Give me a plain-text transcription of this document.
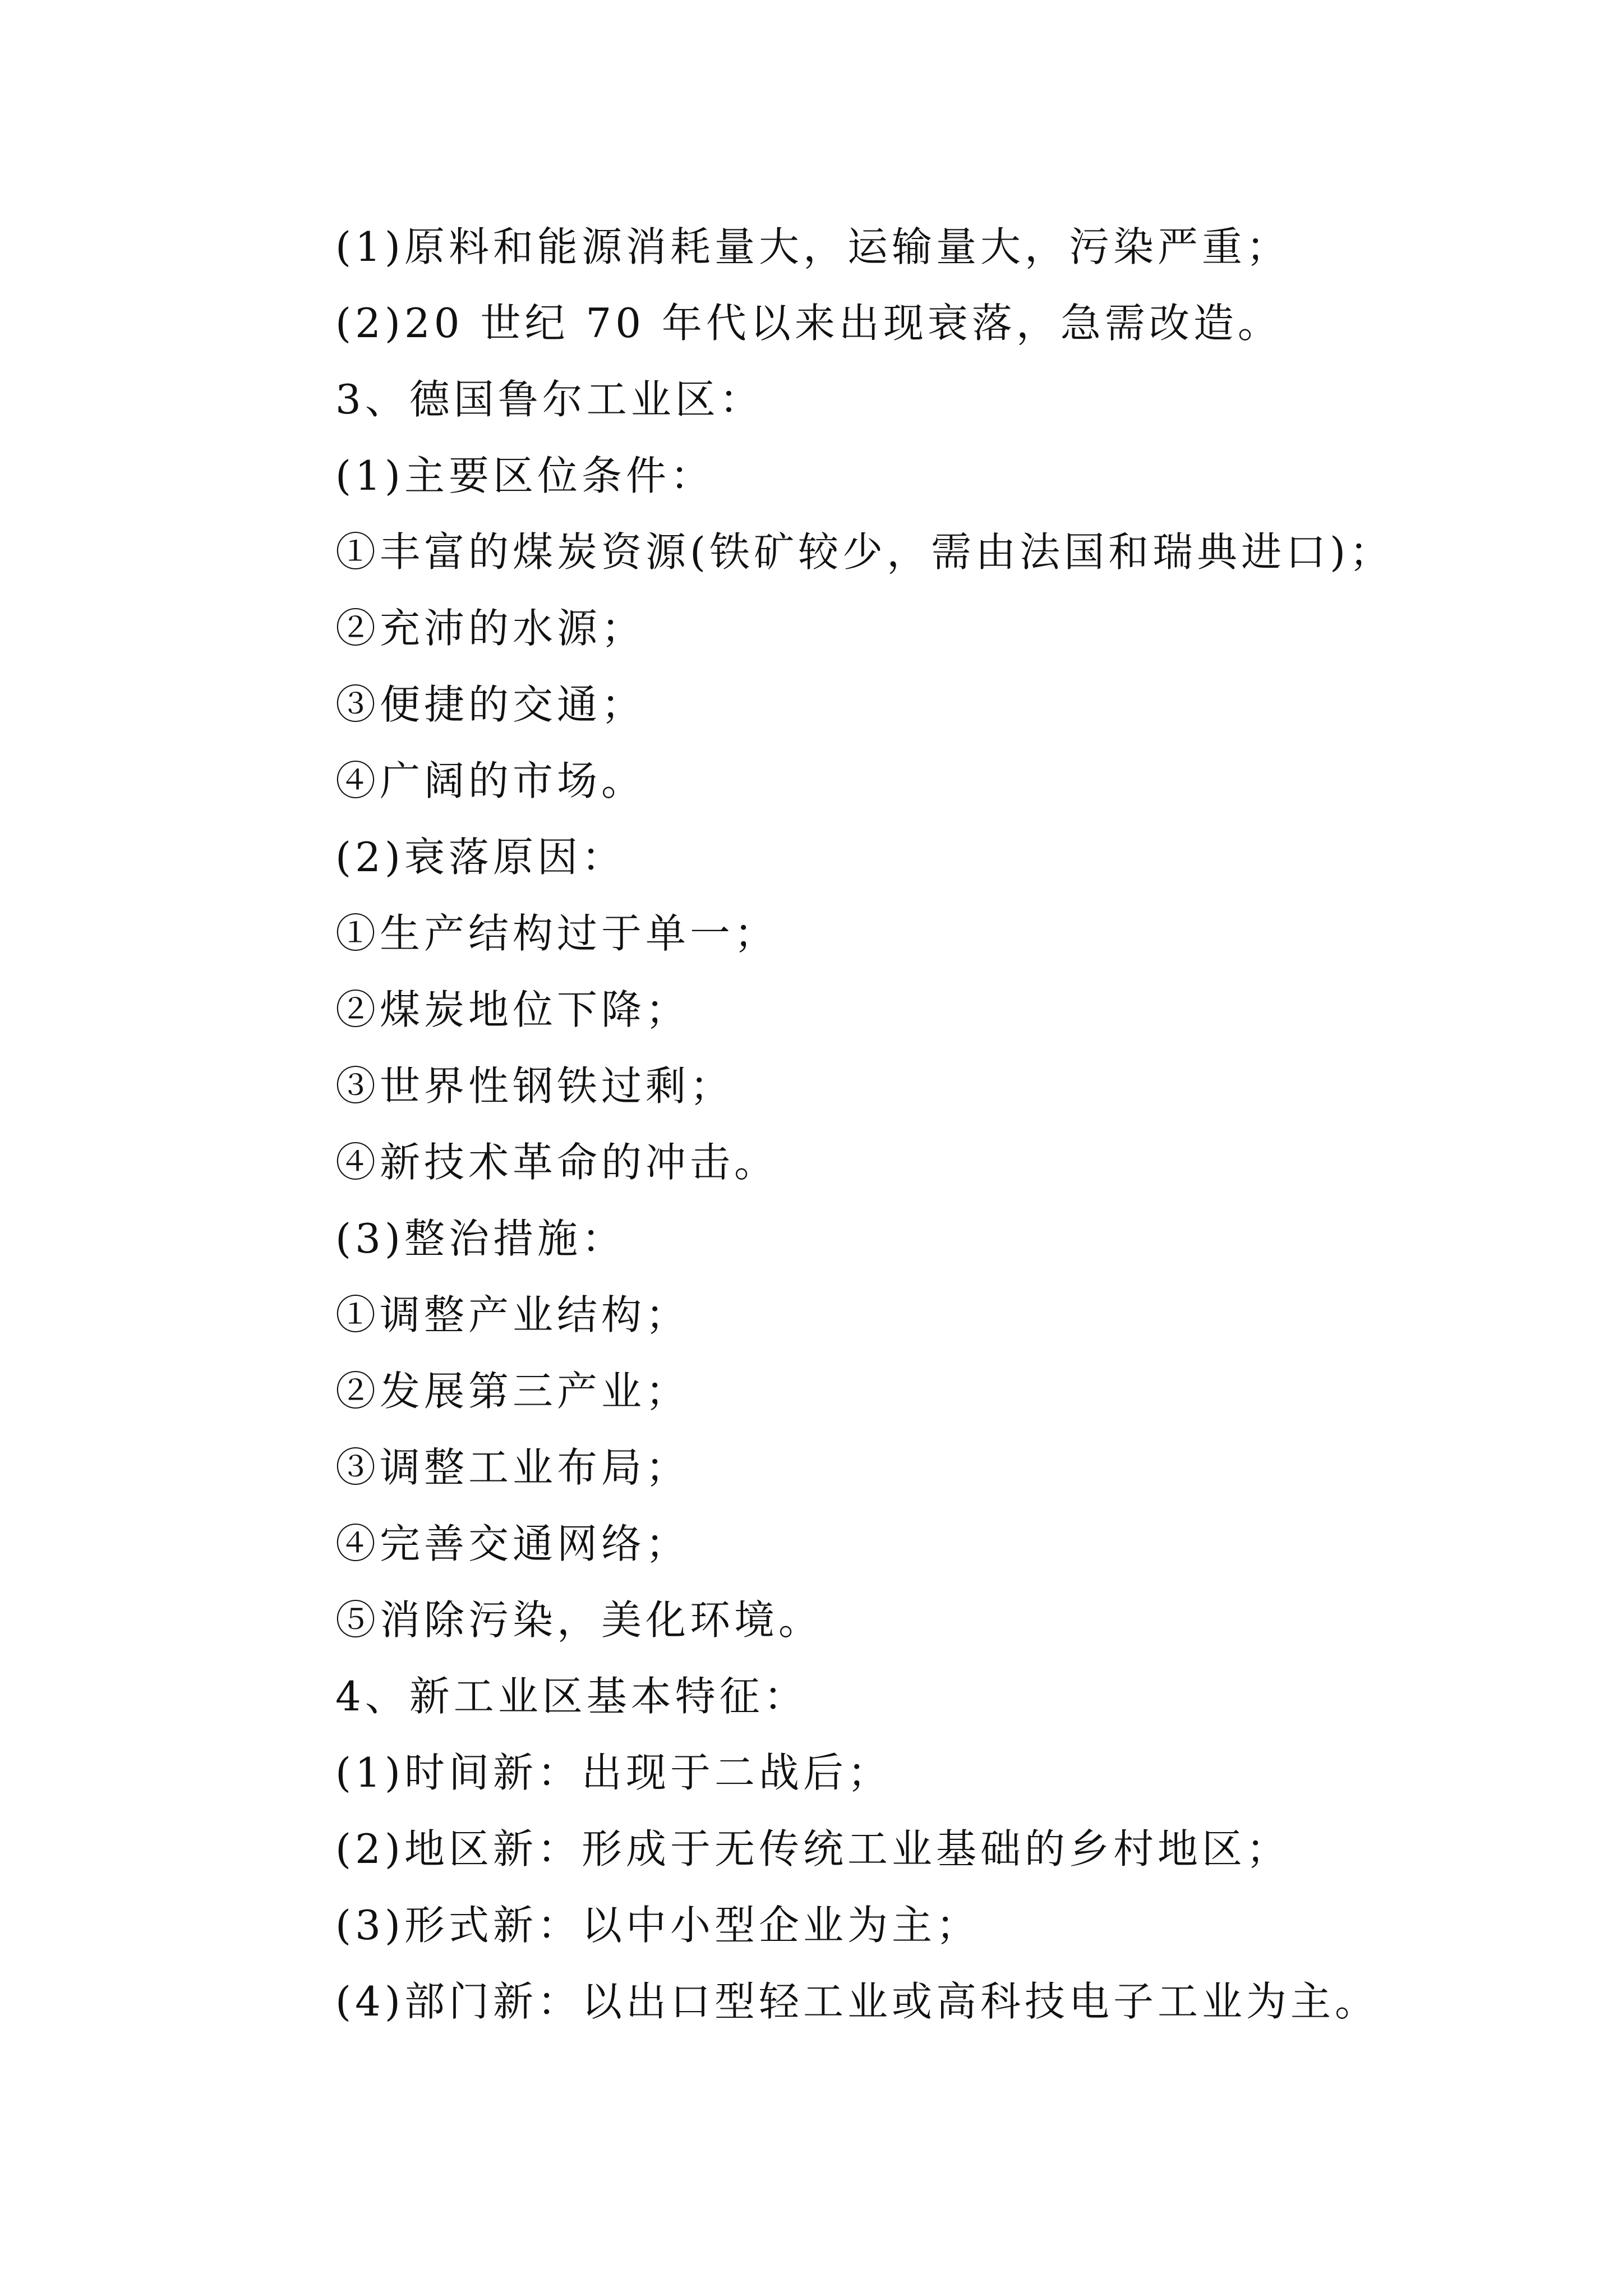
(1)原料和能源消耗量大，运输量大，污染严重；
(2)20 世纪 70 年代以来出现衰落，急需改造。
3、德国鲁尔工业区：
(1)主要区位条件：
①丰富的煤炭资源(铁矿较少，需由法国和瑞典进口)；
②充沛的水源；
③便捷的交通；
④广阔的市场。
(2)衰落原因：
①生产结构过于单一；
②煤炭地位下降；
③世界性钢铁过剩；
④新技术革命的冲击。
(3)整治措施：
①调整产业结构；
②发展第三产业；
③调整工业布局；
④完善交通网络；
⑤消除污染，美化环境。
4、新工业区基本特征：
(1)时间新：出现于二战后；
(2)地区新：形成于无传统工业基础的乡村地区；
(3)形式新：以中小型企业为主；
(4)部门新：以出口型轻工业或高科技电子工业为主。
